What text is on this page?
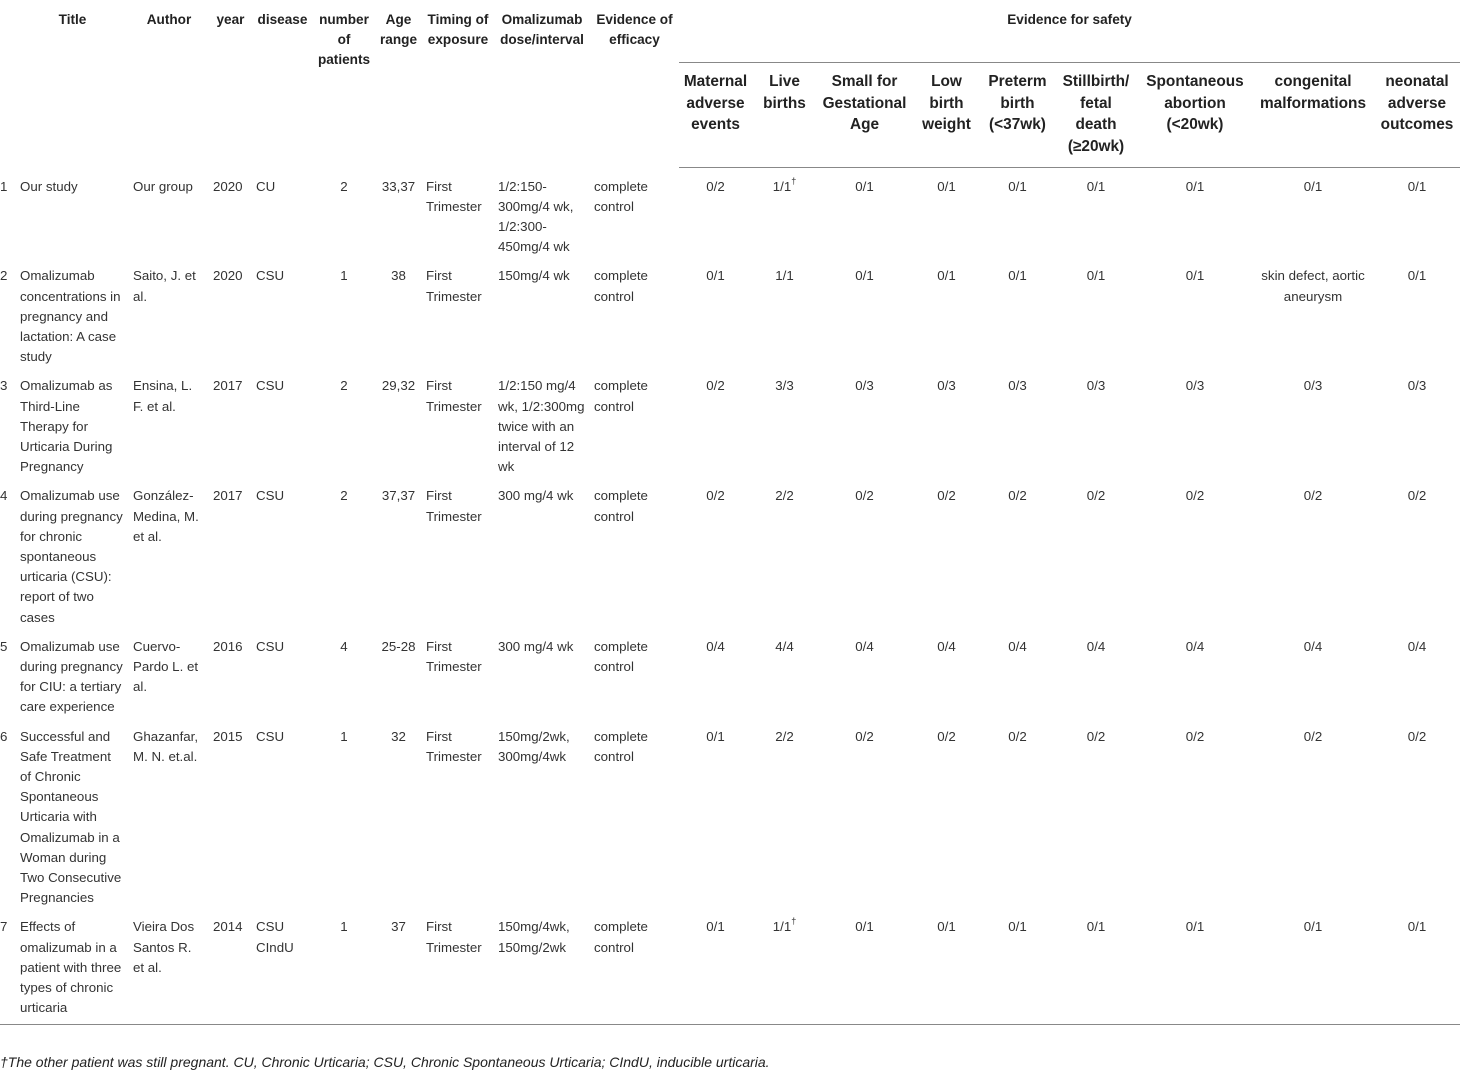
	Title	Author	year	disease	number of patients	Age range	Timing of exposure	Omalizumab dose/interval	Evidence of efficacy	Evidence for safety								
										Maternal adverse events	Live births	Small for Gestational Age	Low birth weight	Preterm birth (<37wk)	Stillbirth/ fetal death (≥20wk)	Spontaneous abortion (<20wk)	congenital malformations	neonatal adverse outcomes
1	Our study	Our group	2020	CU	2	33,37	First Trimester	1/2:150-300mg/4 wk, 1/2:300-450mg/4 wk	complete control	0/2	1/1†	0/1	0/1	0/1	0/1	0/1	0/1	0/1
2	Omalizumab concentrations in pregnancy and lactation: A case study	Saito, J. et al.	2020	CSU	1	38	First Trimester	150mg/4 wk	complete control	0/1	1/1	0/1	0/1	0/1	0/1	0/1	skin defect, aortic aneurysm	0/1
3	Omalizumab as Third-Line Therapy for Urticaria During Pregnancy	Ensina, L. F. et al.	2017	CSU	2	29,32	First Trimester	1/2:150 mg/4 wk, 1/2:300mg twice with an interval of 12 wk	complete control	0/2	3/3	0/3	0/3	0/3	0/3	0/3	0/3	0/3
4	Omalizumab use during pregnancy for chronic spontaneous urticaria (CSU): report of two cases	González-Medina, M. et al.	2017	CSU	2	37,37	First Trimester	300 mg/4 wk	complete control	0/2	2/2	0/2	0/2	0/2	0/2	0/2	0/2	0/2
5	Omalizumab use during pregnancy for CIU: a tertiary care experience	Cuervo-Pardo L. et al.	2016	CSU	4	25-28	First Trimester	300 mg/4 wk	complete control	0/4	4/4	0/4	0/4	0/4	0/4	0/4	0/4	0/4
6	Successful and Safe Treatment of Chronic Spontaneous Urticaria with Omalizumab in a Woman during Two Consecutive Pregnancies	Ghazanfar, M. N. et.al.	2015	CSU	1	32	First Trimester	150mg/2wk, 300mg/4wk	complete control	0/1	2/2	0/2	0/2	0/2	0/2	0/2	0/2	0/2
7	Effects of omalizumab in a patient with three types of chronic urticaria	Vieira Dos Santos R. et al.	2014	CSU CIndU	1	37	First Trimester	150mg/4wk, 150mg/2wk	complete control	0/1	1/1†	0/1	0/1	0/1	0/1	0/1	0/1	0/1
†The other patient was still pregnant. CU, Chronic Urticaria; CSU, Chronic Spontaneous Urticaria; CIndU, inducible urticaria.
